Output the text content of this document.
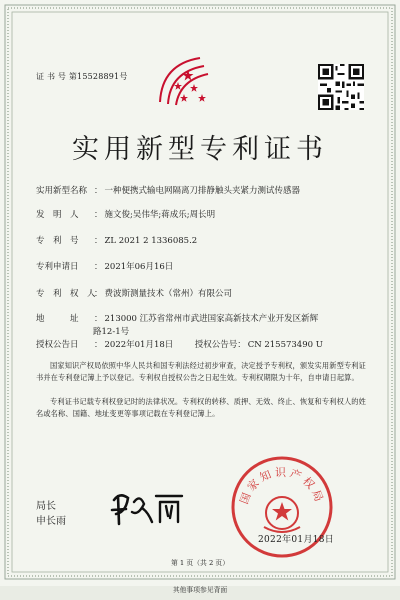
证 书 号 第15528891号
实用新型专利证书
实用新型名称 ： 一种便携式输电网隔离刀排静触头夹紧力测试传感器
发　明　人 ： 施文俊;吴伟华;蒋成乐;周长明
专　利　号 ： ZL 2021 2 1336085.2
专利申请日 ： 2021年06月16日
专　利　权　人： 费波斯测量技术（常州）有限公司
地　　　址 ： 213000 江苏省常州市武进国家高新技术产业开发区新辉
路12-1号
授权公告日 ： 2022年01月18日	授权公告号： CN 215573490 U
国家知识产权局依照中华人民共和国专利法经过初步审查，决定授予专利权，颁发实用新型专利证书并在专利登记簿上予以登记。专利权自授权公告之日起生效。专利权期限为十年，自申请日起算。
专利证书记载专利权登记时的法律状况。专利权的转移、质押、无效、终止、恢复和专利权人的姓名或名称、国籍、地址变更等事项记载在专利登记簿上。
局长
申长雨
国家知识产权局
2022年01月18日
第 1 页（共 2 页）
其他事项参见背面
